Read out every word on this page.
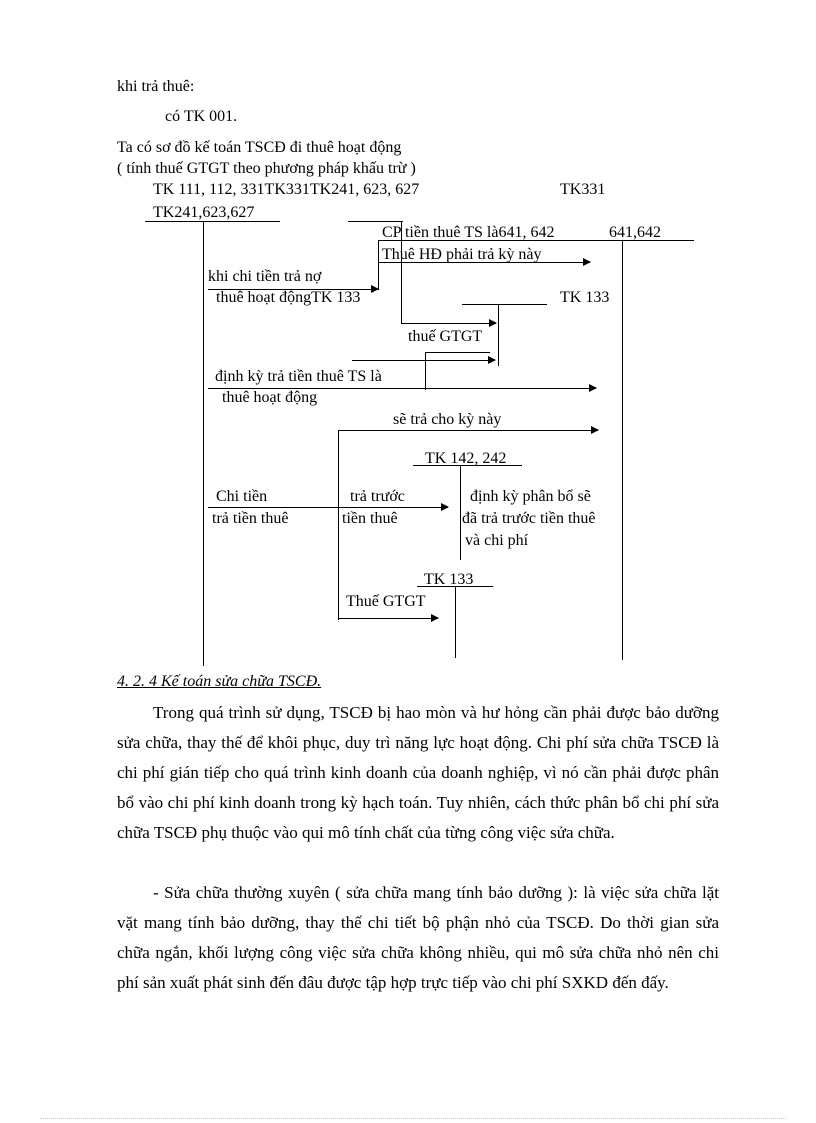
khi trả thuê:
có TK 001.
Ta có sơ đồ kế toán TSCĐ đi thuê hoạt động
( tính thuế GTGT theo phương pháp khấu trừ )
TK 111, 112, 331TK331TK241, 623, 627	TK331
TK241,623,627
CP tiền thuê TS là641, 642	641,642
Thuê HĐ phải trả kỳ này
khi chi tiền trả nợ
thuê hoạt độngTK 133	TK 133
thuế GTGT
định kỳ trả tiền thuê TS là
thuê hoạt động
sẽ trả cho kỳ này
TK 142, 242
Chi tiền
trả tiền thuê
trả trước
tiền thuê
định kỳ phân bổ sẽ
đã trả trước tiền thuê
và chi phí
TK 133
Thuế GTGT
4. 2. 4 Kế toán sửa chữa TSCĐ.
Trong quá trình sử dụng, TSCĐ bị hao mòn và hư hỏng cần phải được bảo dưỡng sửa chữa, thay thế để khôi phục, duy trì năng lực hoạt động. Chi phí sửa chữa TSCĐ là chi phí gián tiếp cho quá trình kinh doanh của doanh nghiệp, vì nó cần phải được phân bổ vào chi phí kinh doanh trong kỳ hạch toán. Tuy nhiên, cách thức phân bổ chi phí sửa chữa TSCĐ phụ thuộc vào qui mô tính chất của từng công việc sửa chữa.
- Sửa chữa thường xuyên ( sửa chữa mang tính bảo dưỡng ): là việc sửa chữa lặt vặt mang tính bảo dưỡng, thay thế chi tiết bộ phận nhỏ của TSCĐ. Do thời gian sửa chữa ngắn, khối lượng công việc sửa chữa không nhiều, qui mô sửa chữa nhỏ nên chi phí sản xuất phát sinh đến đâu được tập hợp trực tiếp vào chi phí SXKD đến đấy.
